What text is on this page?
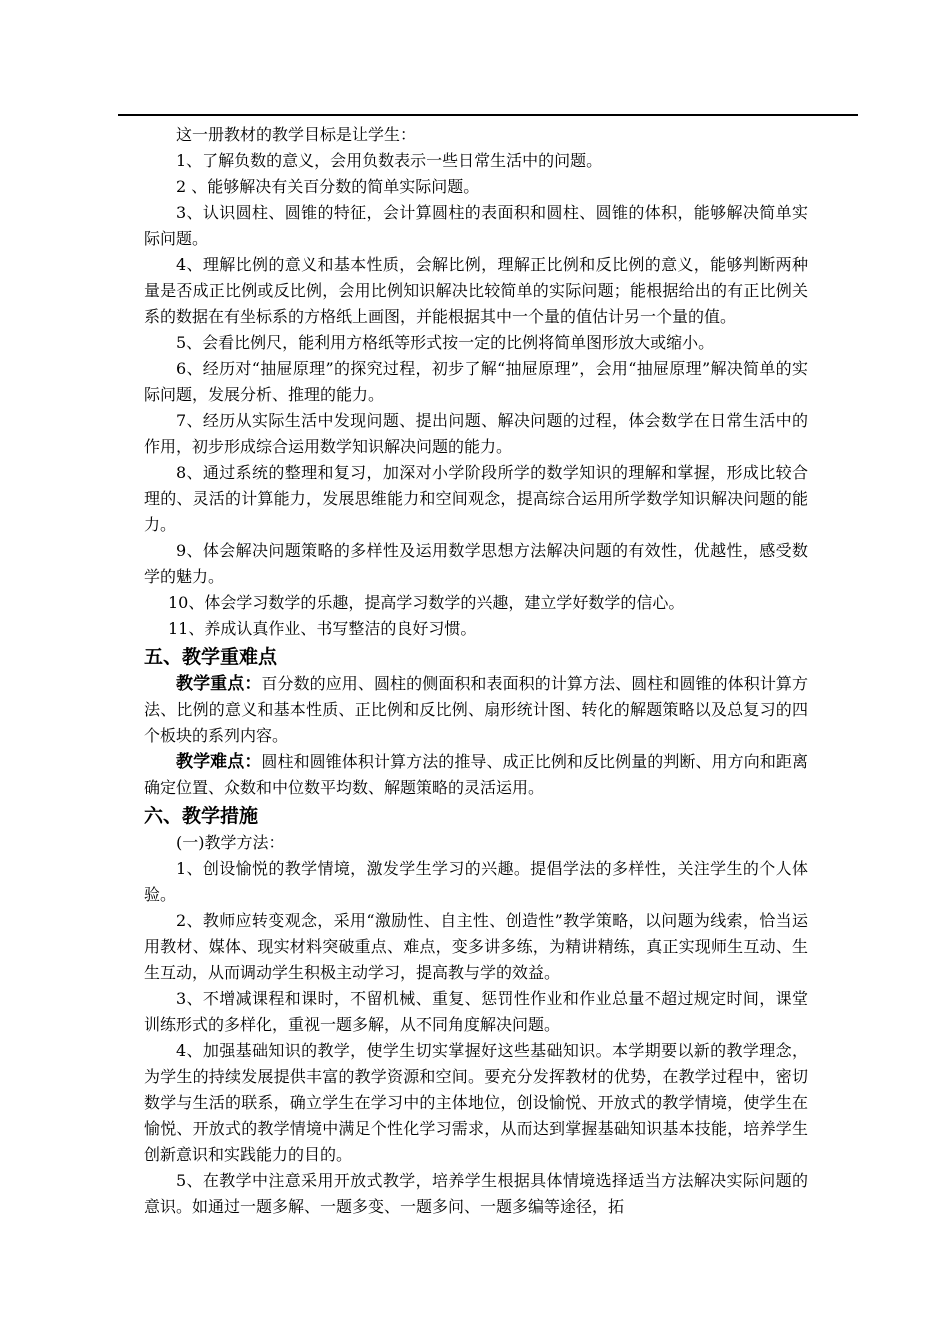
这一册教材的教学目标是让学生：

1、了解负数的意义，会用负数表示一些日常生活中的问题。

2 、能够解决有关百分数的简单实际问题。

3、认识圆柱、圆锥的特征，会计算圆柱的表面积和圆柱、圆锥的体积，能够解决简单实际问题。

4、理解比例的意义和基本性质，会解比例，理解正比例和反比例的意义，能够判断两种量是否成正比例或反比例，会用比例知识解决比较简单的实际问题；能根据给出的有正比例关系的数据在有坐标系的方格纸上画图，并能根据其中一个量的值估计另一个量的值。

5、会看比例尺，能利用方格纸等形式按一定的比例将简单图形放大或缩小。

6、经历对“抽屉原理”的探究过程，初步了解“抽屉原理”，会用“抽屉原理”解决简单的实际问题，发展分析、推理的能力。

7、经历从实际生活中发现问题、提出问题、解决问题的过程，体会数学在日常生活中的作用，初步形成综合运用数学知识解决问题的能力。

8、通过系统的整理和复习，加深对小学阶段所学的数学知识的理解和掌握，形成比较合理的、灵活的计算能力，发展思维能力和空间观念，提高综合运用所学数学知识解决问题的能力。

9、体会解决问题策略的多样性及运用数学思想方法解决问题的有效性，优越性，感受数学的魅力。

10、体会学习数学的乐趣，提高学习数学的兴趣，建立学好数学的信心。

11、养成认真作业、书写整洁的良好习惯。

五、教学重难点

教学重点：百分数的应用、圆柱的侧面积和表面积的计算方法、圆柱和圆锥的体积计算方法、比例的意义和基本性质、正比例和反比例、扇形统计图、转化的解题策略以及总复习的四个板块的系列内容。

教学难点：圆柱和圆锥体积计算方法的推导、成正比例和反比例量的判断、用方向和距离确定位置、众数和中位数平均数、解题策略的灵活运用。

六、教学措施

(一)教学方法：

1、创设愉悦的教学情境，激发学生学习的兴趣。提倡学法的多样性，关注学生的个人体验。

2、教师应转变观念，采用“激励性、自主性、创造性”教学策略，以问题为线索，恰当运用教材、媒体、现实材料突破重点、难点，变多讲多练，为精讲精练，真正实现师生互动、生生互动，从而调动学生积极主动学习，提高教与学的效益。

3、不增减课程和课时，不留机械、重复、惩罚性作业和作业总量不超过规定时间，课堂训练形式的多样化，重视一题多解，从不同角度解决问题。

4、加强基础知识的教学，使学生切实掌握好这些基础知识。本学期要以新的教学理念，为学生的持续发展提供丰富的教学资源和空间。要充分发挥教材的优势，在教学过程中，密切数学与生活的联系，确立学生在学习中的主体地位，创设愉悦、开放式的教学情境，使学生在愉悦、开放式的教学情境中满足个性化学习需求，从而达到掌握基础知识基本技能，培养学生创新意识和实践能力的目的。

5、在教学中注意采用开放式教学，培养学生根据具体情境选择适当方法解决实际问题的意识。如通过一题多解、一题多变、一题多问、一题多编等途径，拓
